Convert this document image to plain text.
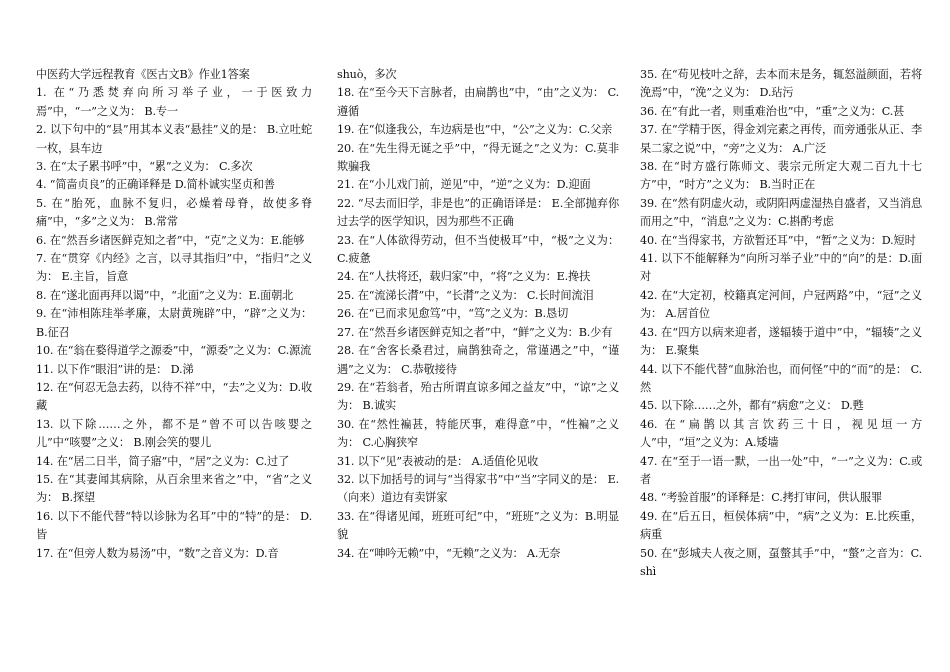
中医药大学远程教育《医古文B》作业1答案

1. 在“乃悉焚弃向所习举子业，一于医致力焉”中，“一”之义为： B.专一

2. 以下句中的“县”用其本义表“悬挂”义的是： B.立吐蛇一枚，县车边

3. 在“太子累书呼”中，“累”之义为： C.多次

4. “简啬贞良”的正确译释是 D.简朴诚实坚贞和善

5. 在“胎死，血脉不复归，必燥着母脊，故使多脊痛”中，“多”之义为： B.常常

6. 在“然吾乡诸医鲜克知之者”中，“克”之义为：E.能够

7. 在“贯穿《内经》之言，以寻其指归”中，“指归”之义为： E.主旨，旨意

8. 在“遂北面再拜以谒”中，“北面”之义为：E.面朝北

9. 在“沛相陈珪举孝廉，太尉黄琬辟”中，“辟”之义为： B.征召

10. 在“翁在婺得道学之源委”中，“源委”之义为：C.源流

11. 以下作“眼泪”讲的是： D.涕

12. 在“何忍无急去药，以待不祥”中，“去”之义为：D.收藏

13. 以下除……之外，都不是“曾不可以告咳婴之儿”中“咳婴”之义： B.刚会笑的婴儿

14. 在“居二日半，简子寤”中，“居”之义为：C.过了

15. 在“其妻闻其病除，从百余里来省之”中，“省”之义为： B.探望

16. 以下不能代替“特以诊脉为名耳”中的“特”的是： D.皆

17. 在“但旁人数为易汤”中，“数”之音义为：D.音

shuò，多次

18. 在“至今天下言脉者，由扁鹊也”中，“由”之义为： C.遵循

19. 在“似逢我公，车边病是也”中，“公”之义为：C.父亲

20. 在“先生得无诞之乎”中，“得无诞之”之义为：C.莫非欺骗我

21. 在“小儿戏门前，逆见”中，“逆”之义为：D.迎面

22. “尽去而旧学，非是也”的正确语译是： E.全部抛弃你过去学的医学知识，因为那些不正确

23. 在“人体欲得劳动，但不当使极耳”中，“极”之义为： C.疲惫

24. 在“人扶将还，载归家”中，“将”之义为：E.搀扶

25. 在“流涕长潸”中，“长潸”之义为： C.长时间流泪

26. 在“已而求见愈笃”中，“笃”之义为：B.恳切

27. 在“然吾乡诸医鲜克知之者”中，“鲜”之义为：B.少有

28. 在“舍客长桑君过，扁鹊独奇之，常谨遇之”中，“谨遇”之义为： C.恭敬接待

29. 在“若翁者，殆古所谓直谅多闻之益友”中，“谅”之义为： B.诚实

30. 在“然性褊甚，特能厌事，难得意”中，“性褊”之义为： C.心胸狭窄

31. 以下“见”表被动的是： A.适值伦见收

32. 以下加括号的词与“当得家书”中“当”字同义的是： E.（向来）道边有卖饼家

33. 在“得诸见闻，班班可纪”中，“班班”之义为：B.明显貌

34. 在“呻吟无赖”中，“无赖”之义为： A.无奈

35. 在“苟见枝叶之辞，去本而末是务，辄怒溢颜面，若将浼焉”中，“浼”之义为： D.玷污

36. 在“有此一者，则重难治也”中，“重”之义为：C.甚

37. 在“学精于医，得金刘完素之再传，而旁通张从正、李杲二家之说”中，“旁”之义为： A.广泛

38. 在“时方盛行陈师文、裴宗元所定大观二百九十七方”中，“时方”之义为： B.当时正在

39. 在“然有阴虚火动，或阴阳两虚湿热自盛者，又当消息而用之”中，“消息”之义为：C.斟酌考虑

40. 在“当得家书，方欲暂还耳”中，“暂”之义为：D.短时

41. 以下不能解释为“向所习举子业”中的“向”的是：D.面对

42. 在“大定初，校籍真定河间，户冠两路”中，“冠”之义为： A.居首位

43. 在“四方以病来迎者，遂辐辏于道中”中，“辐辏”之义为： E.聚集

44. 以下不能代替“血脉治也，而何怪”中的“而”的是： C.然

45. 以下除……之外，都有“病愈”之义： D.甦

46. 在“扁鹊以其言饮药三十日，视见垣一方人”中，“垣”之义为：A.矮墙

47. 在“至于一语一默，一出一处”中，“一”之义为：C.或者

48. “考验首服”的译释是：C.拷打审问，供认服罪

49. 在“后五日，桓侯体病”中，“病”之义为：E.比疾重，病重

50. 在“彭城夫人夜之厕，虿螫其手”中，“螫”之音为：C. shì
